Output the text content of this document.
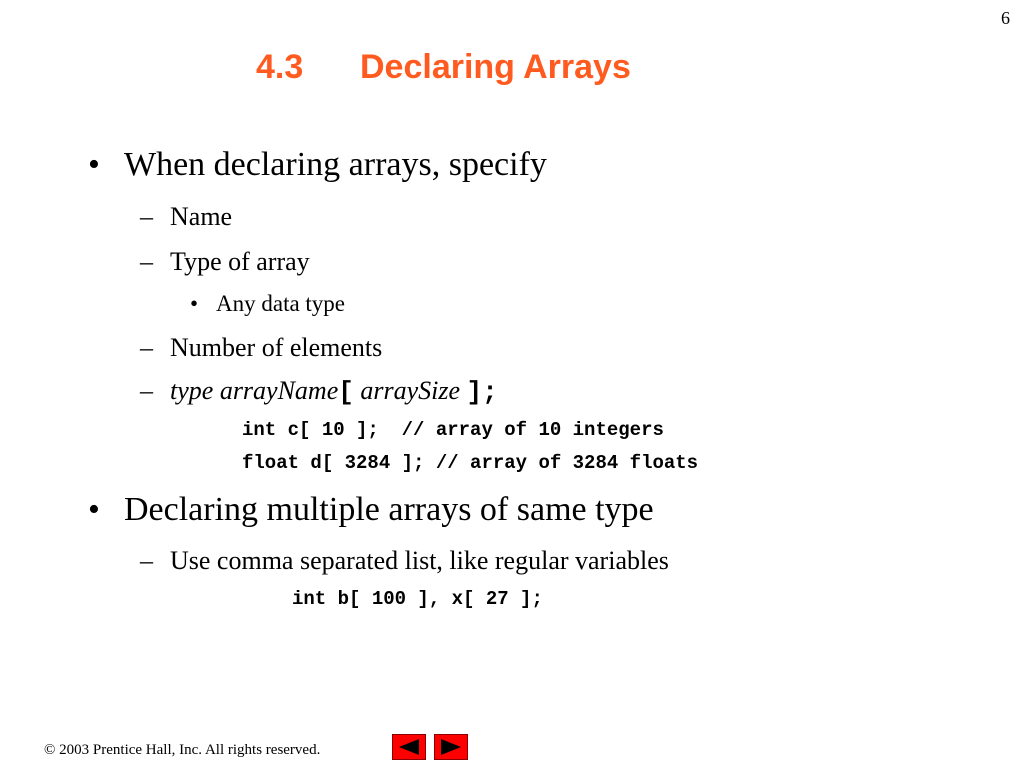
6
4.3 Declaring Arrays
• When declaring arrays, specify
– Name
– Type of array
• Any data type
– Number of elements
– type arrayName[ arraySize ];
int c[ 10 ];  // array of 10 integers
float d[ 3284 ]; // array of 3284 floats
• Declaring multiple arrays of same type
– Use comma separated list, like regular variables
int b[ 100 ], x[ 27 ];
© 2003 Prentice Hall, Inc. All rights reserved.
